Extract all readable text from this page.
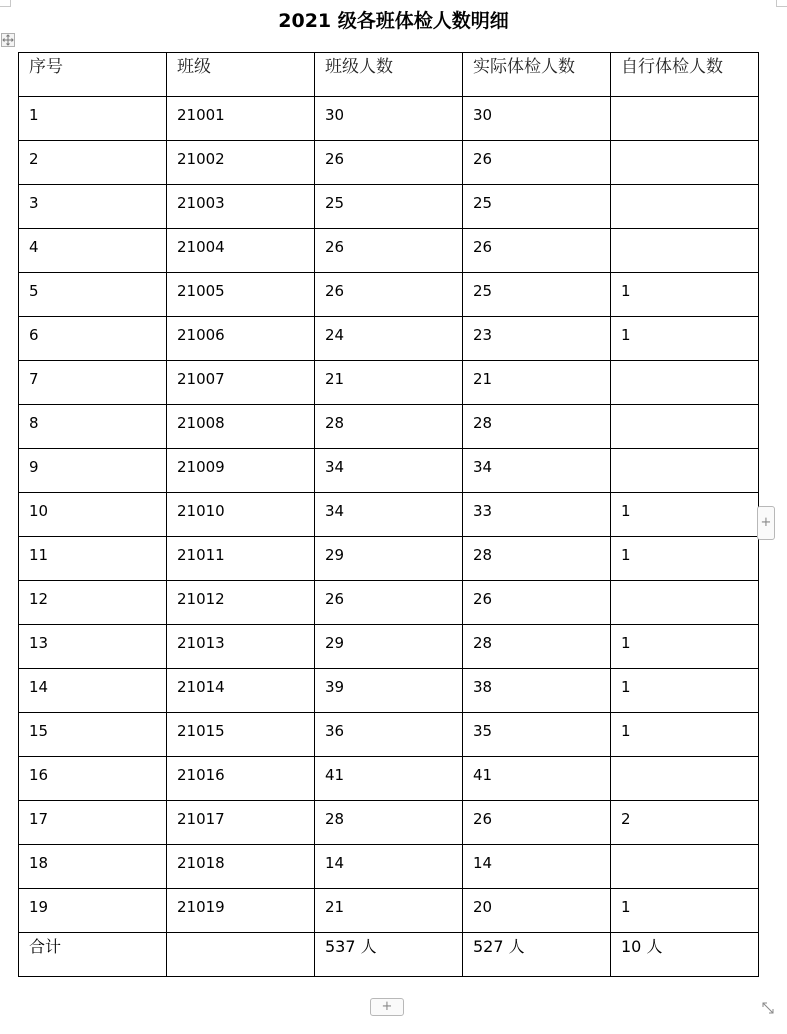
2021 级各班体检人数明细
序号	班级	班级人数	实际体检人数	自行体检人数
1	21001	30	30	
2	21002	26	26	
3	21003	25	25	
4	21004	26	26	
5	21005	26	25	1
6	21006	24	23	1
7	21007	21	21	
8	21008	28	28	
9	21009	34	34	
10	21010	34	33	1
11	21011	29	28	1
12	21012	26	26	
13	21013	29	28	1
14	21014	39	38	1
15	21015	36	35	1
16	21016	41	41	
17	21017	28	26	2
18	21018	14	14	
19	21019	21	20	1
合计		537 人	527 人	10 人
+
+
